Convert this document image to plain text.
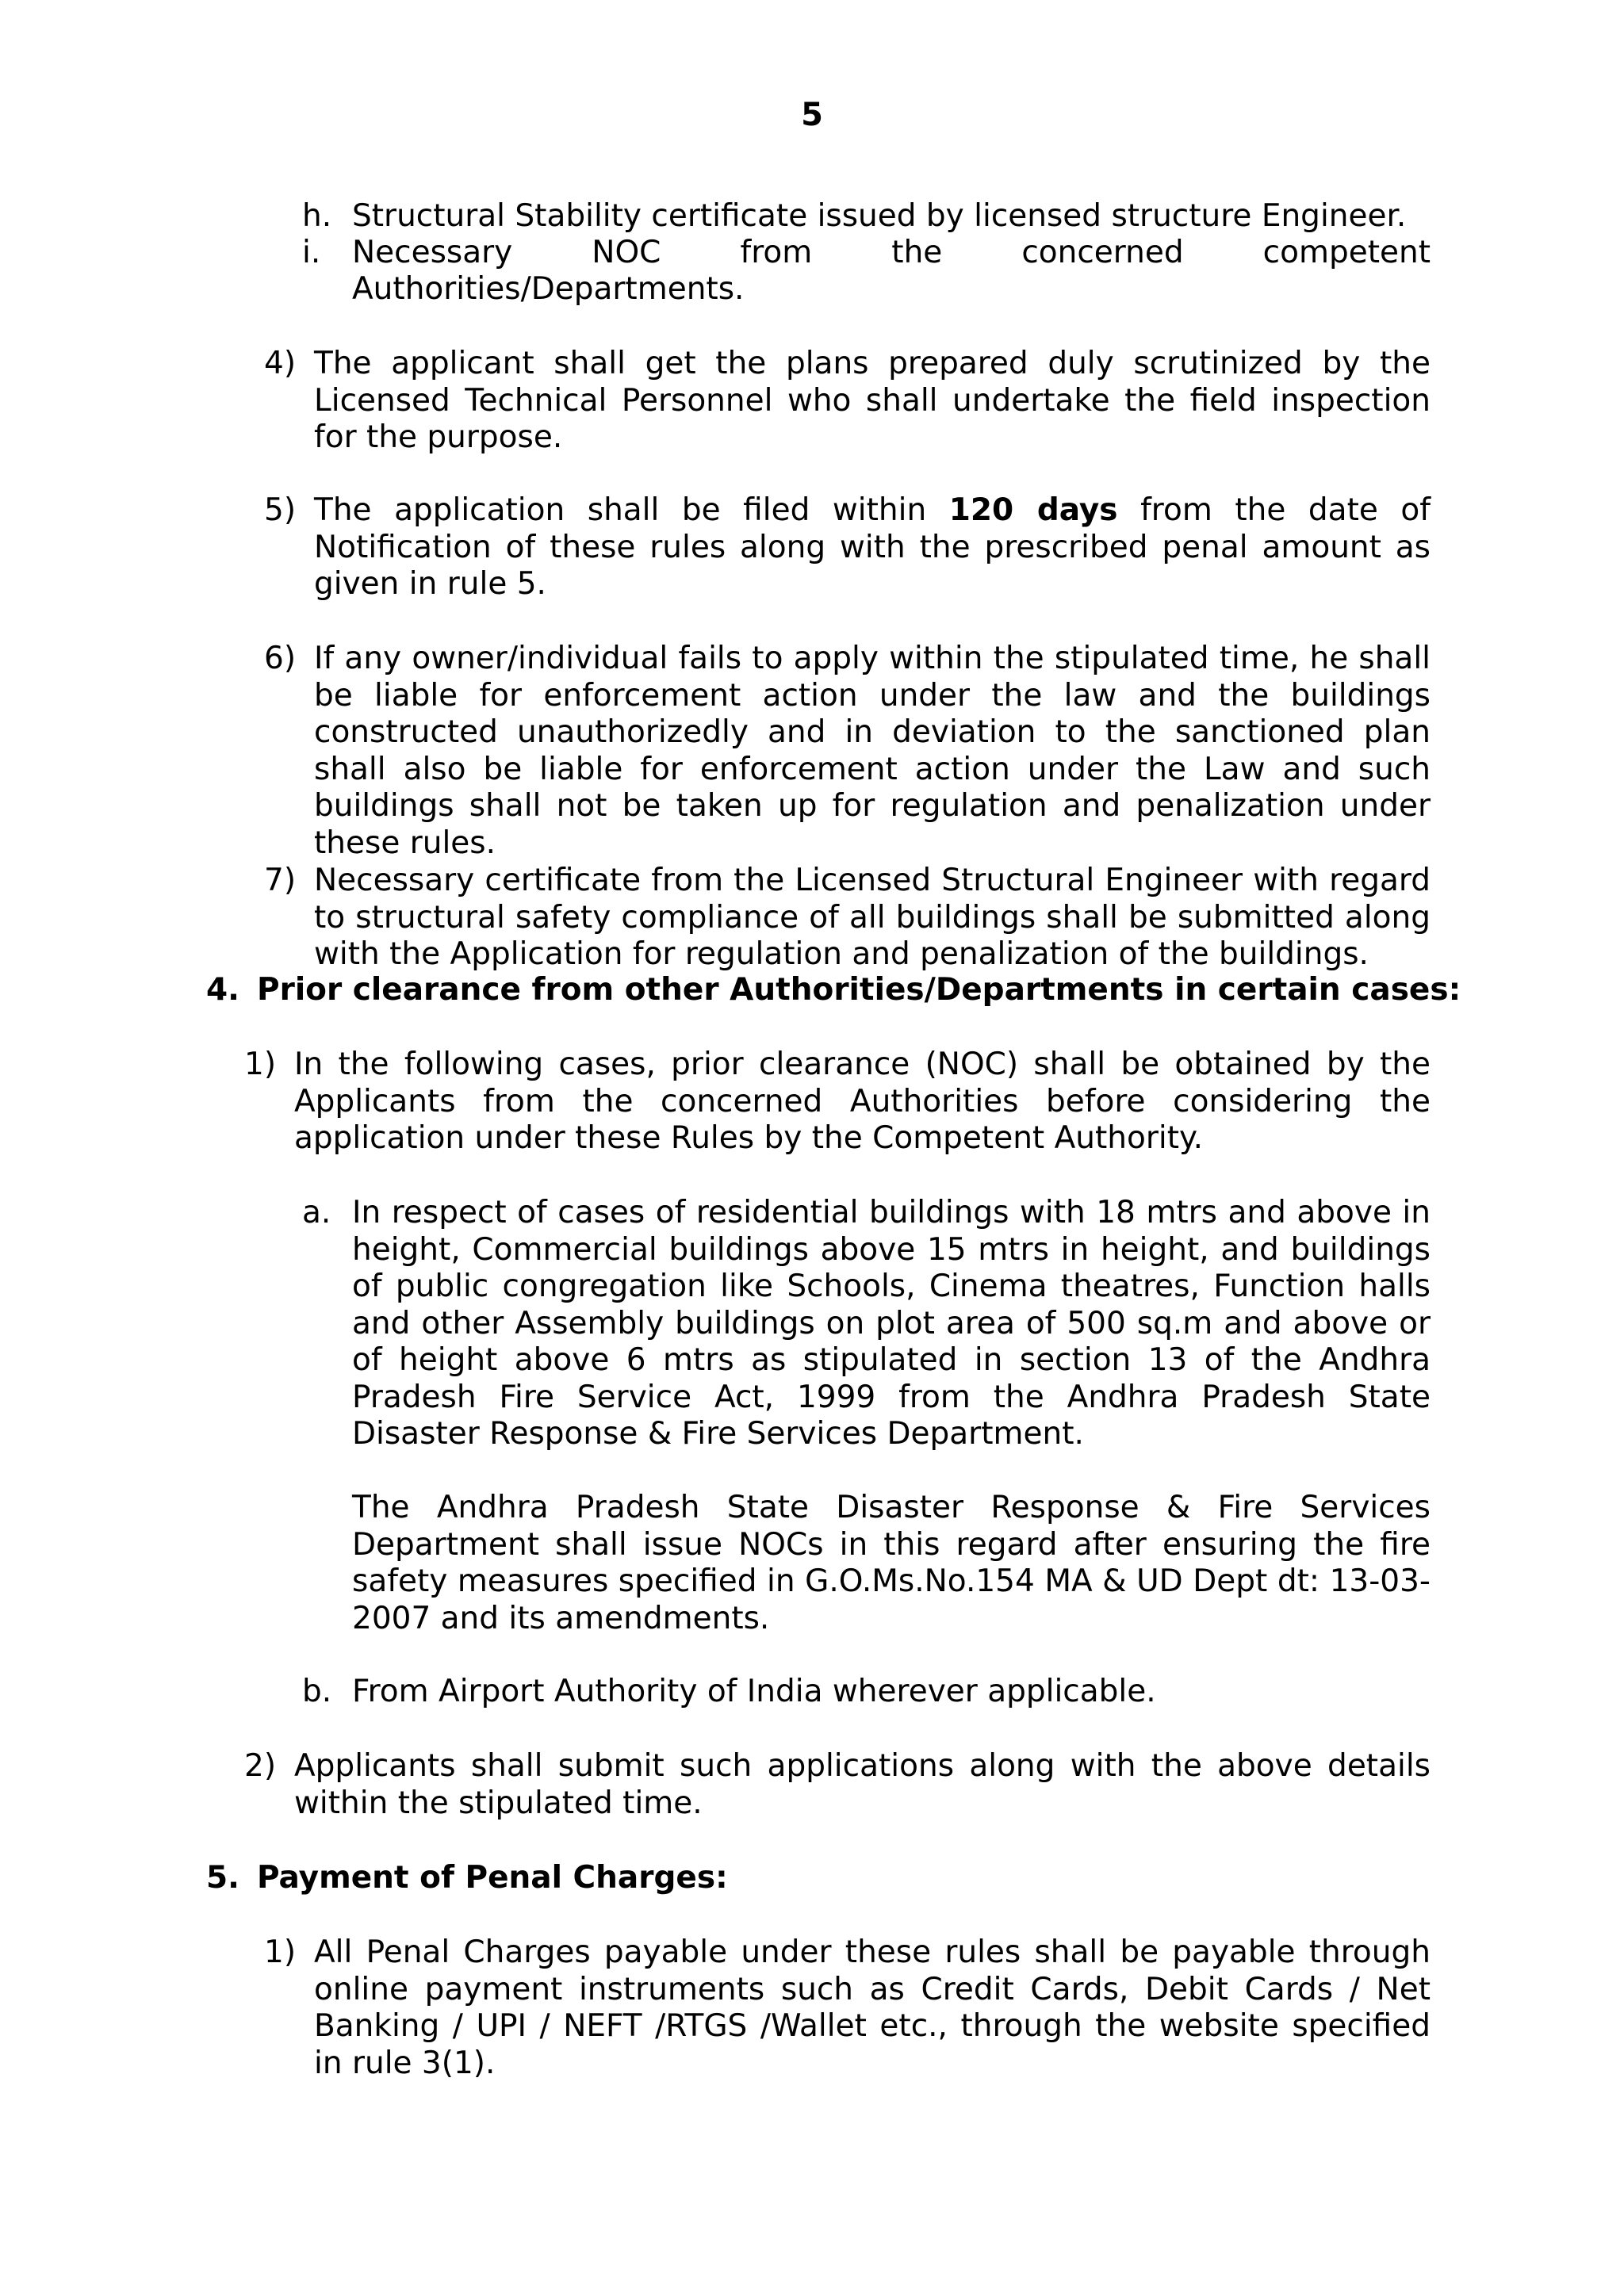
5
h. Structural Stability certificate issued by licensed structure Engineer.
i. Necessary NOC from the concerned competent
Authorities/Departments.
4) The applicant shall get the plans prepared duly scrutinized by the Licensed Technical Personnel who shall undertake the field inspection for the purpose.
5) The application shall be filed within 120 days from the date of Notification of these rules along with the prescribed penal amount as given in rule 5.
6) If any owner/individual fails to apply within the stipulated time, he shall be liable for enforcement action under the law and the buildings constructed unauthorizedly and in deviation to the sanctioned plan shall also be liable for enforcement action under the Law and such buildings shall not be taken up for regulation and penalization under these rules.
7) Necessary certificate from the Licensed Structural Engineer with regard to structural safety compliance of all buildings shall be submitted along with the Application for regulation and penalization of the buildings.
4. Prior clearance from other Authorities/Departments in certain cases:
1) In the following cases, prior clearance (NOC) shall be obtained by the Applicants from the concerned Authorities before considering the application under these Rules by the Competent Authority.
a. In respect of cases of residential buildings with 18 mtrs and above in height, Commercial buildings above 15 mtrs in height, and buildings of public congregation like Schools, Cinema theatres, Function halls and other Assembly buildings on plot area of 500 sq.m and above or of height above 6 mtrs as stipulated in section 13 of the Andhra Pradesh Fire Service Act, 1999 from the Andhra Pradesh State Disaster Response & Fire Services Department.
The Andhra Pradesh State Disaster Response & Fire Services Department shall issue NOCs in this regard after ensuring the fire safety measures specified in G.O.Ms.No.154 MA & UD Dept dt: 13-03-2007 and its amendments.
b. From Airport Authority of India wherever applicable.
2) Applicants shall submit such applications along with the above details within the stipulated time.
5. Payment of Penal Charges:
1) All Penal Charges payable under these rules shall be payable through online payment instruments such as Credit Cards, Debit Cards / Net Banking / UPI / NEFT /RTGS /Wallet etc., through the website specified in rule 3(1).
